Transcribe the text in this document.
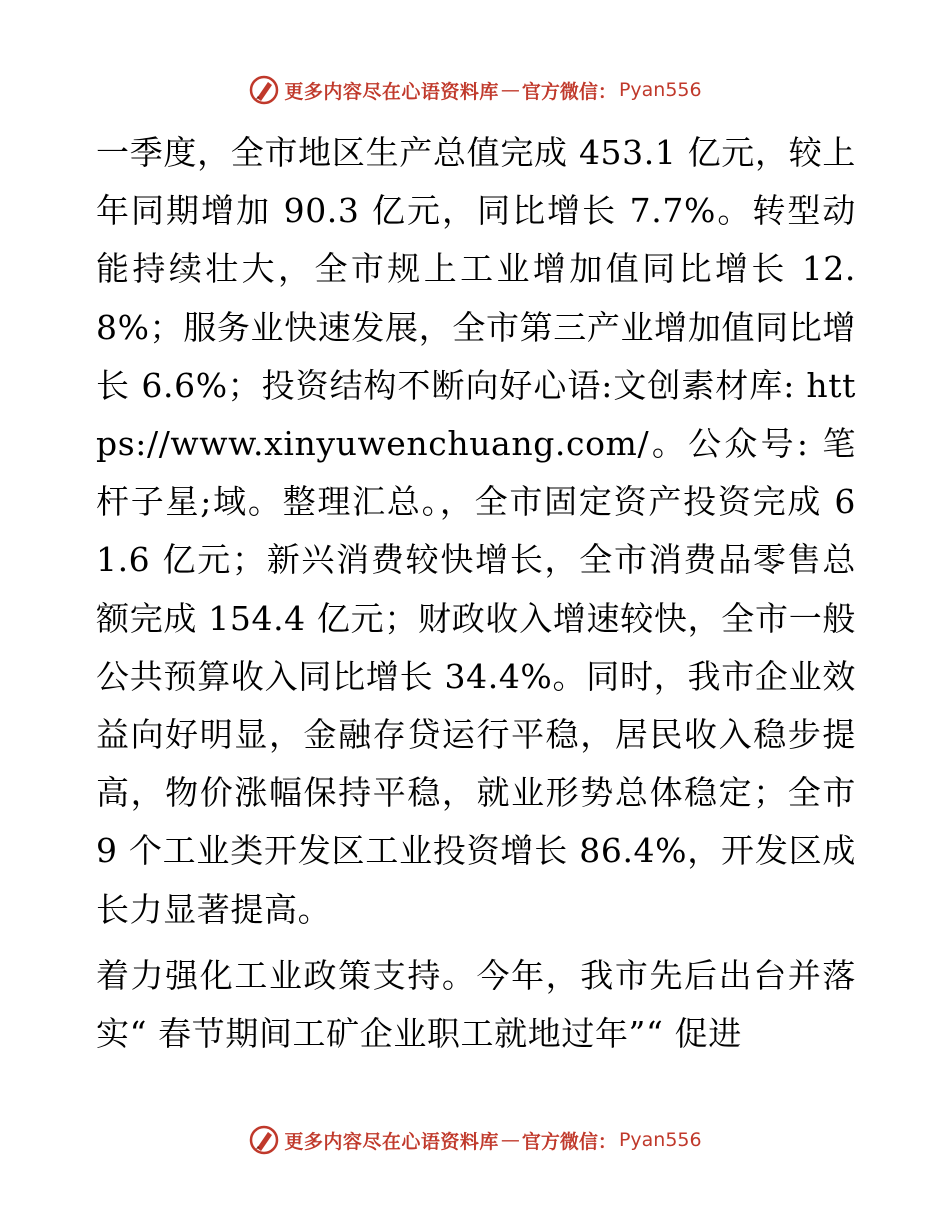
更多内容尽在心语资料库 — 官方微信： Pyan556

一季度，全市地区生产总值完成 453.1 亿元，较上年同期增加 90.3 亿元，同比增长 7.7%。转型动能持续壮大，全市规上工业增加值同比增长 12.8%；服务业快速发展，全市第三产业增加值同比增长 6.6%；投资结构不断向好心语:文创素材库: https://www.xinyuwenchuang.com/。公众号: 笔杆子星;域。整理汇总。，全市固定资产投资完成 61.6 亿元；新兴消费较快增长，全市消费品零售总额完成 154.4 亿元；财政收入增速较快，全市一般公共预算收入同比增长 34.4%。同时，我市企业效益向好明显，金融存贷运行平稳，居民收入稳步提高，物价涨幅保持平稳，就业形势总体稳定；全市 9 个工业类开发区工业投资增长 86.4%，开发区成长力显著提高。

着力强化工业政策支持。今年，我市先后出台并落实“ 春节期间工矿企业职工就地过年”“ 促进

更多内容尽在心语资料库 — 官方微信： Pyan556
